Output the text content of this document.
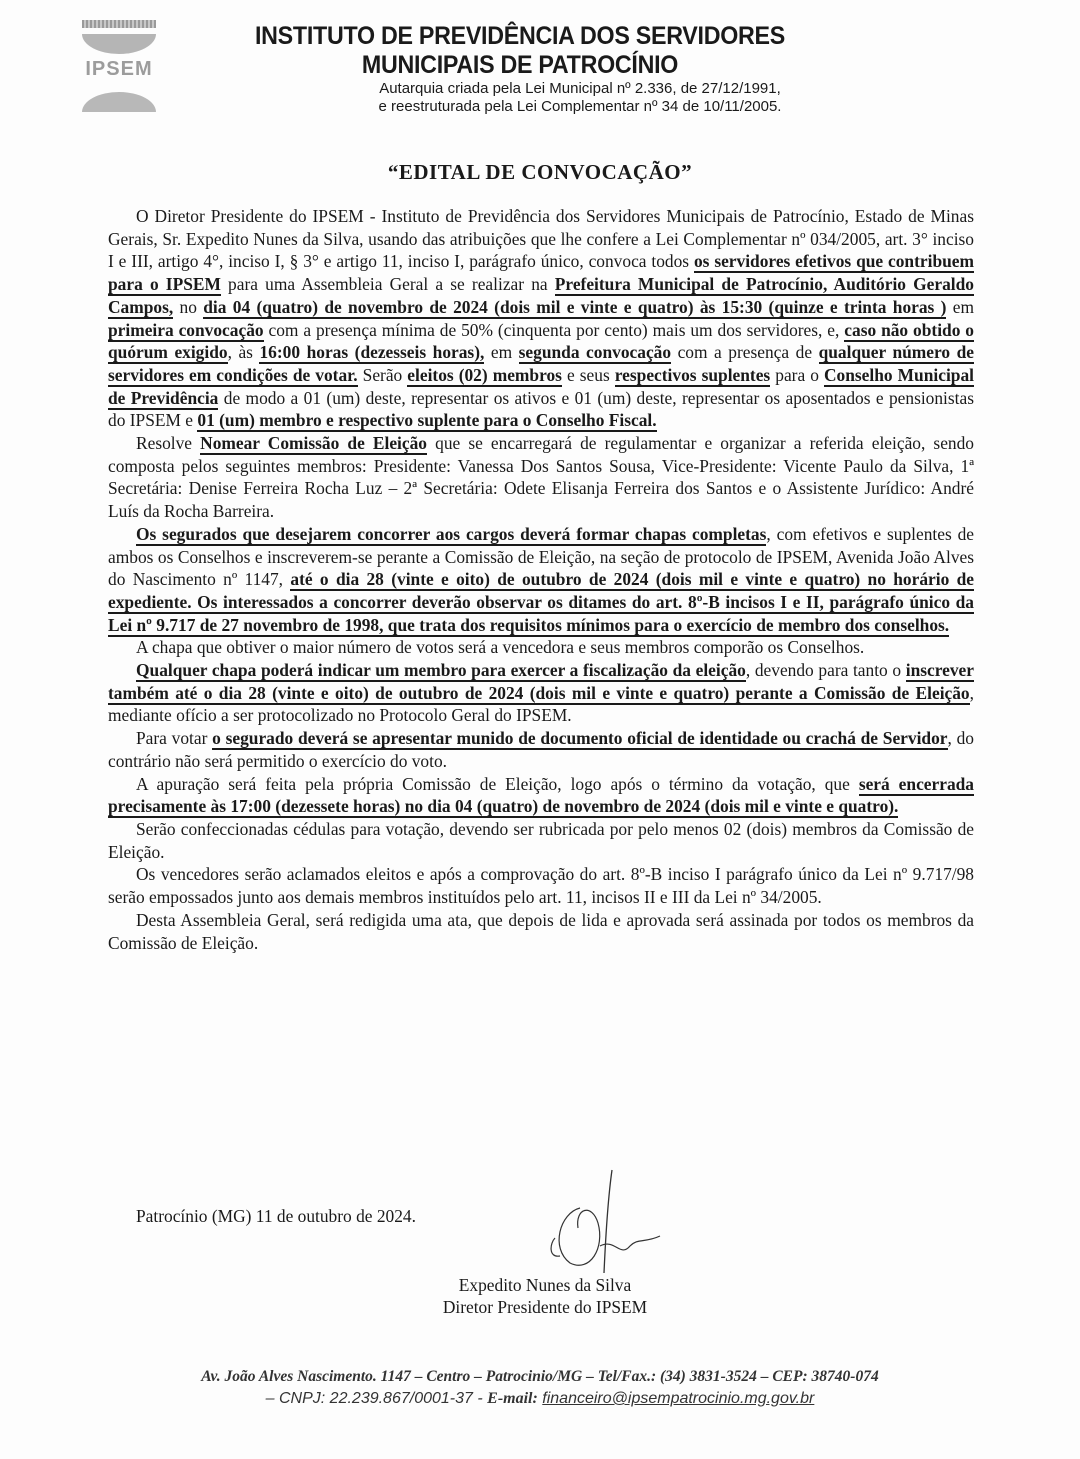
IPSEM
INSTITUTO DE PREVIDÊNCIA DOS SERVIDORES
MUNICIPAIS DE PATROCÍNIO
Autarquia criada pela Lei Municipal nº 2.336, de 27/12/1991,
e reestruturada pela Lei Complementar nº 34 de 10/11/2005.
“EDITAL DE CONVOCAÇÃO”

O Diretor Presidente do IPSEM - Instituto de Previdência dos Servidores Municipais de Patrocínio, Estado de Minas Gerais, Sr. Expedito Nunes da Silva, usando das atribuições que lhe confere a Lei Complementar nº 034/2005, art. 3° inciso I e III, artigo 4°, inciso I, § 3° e artigo 11, inciso I, parágrafo único, convoca todos os servidores efetivos que contribuem para o IPSEM para uma Assembleia Geral a se realizar na Prefeitura Municipal de Patrocínio, Auditório Geraldo Campos, no dia 04 (quatro) de novembro de 2024 (dois mil e vinte e quatro) às 15:30 (quinze e trinta horas ) em primeira convocação com a presença mínima de 50% (cinquenta por cento) mais um dos servidores, e, caso não obtido o quórum exigido, às 16:00 horas (dezesseis horas), em segunda convocação com a presença de qualquer número de servidores em condições de votar. Serão eleitos (02) membros e seus respectivos suplentes para o Conselho Municipal de Previdência de modo a 01 (um) deste, representar os ativos e 01 (um) deste, representar os aposentados e pensionistas do IPSEM e 01 (um) membro e respectivo suplente para o Conselho Fiscal.

Resolve Nomear Comissão de Eleição que se encarregará de regulamentar e organizar a referida eleição, sendo composta pelos seguintes membros: Presidente: Vanessa Dos Santos Sousa, Vice-Presidente: Vicente Paulo da Silva, 1ª Secretária: Denise Ferreira Rocha Luz – 2ª Secretária: Odete Elisanja Ferreira dos Santos e o Assistente Jurídico: André Luís da Rocha Barreira.

Os segurados que desejarem concorrer aos cargos deverá formar chapas completas, com efetivos e suplentes de ambos os Conselhos e inscreverem-se perante a Comissão de Eleição, na seção de protocolo de IPSEM, Avenida João Alves do Nascimento nº 1147, até o dia 28 (vinte e oito) de outubro de 2024 (dois mil e vinte e quatro) no horário de expediente. Os interessados a concorrer deverão observar os ditames do art. 8º-B incisos I e II, parágrafo único da Lei nº 9.717 de 27 novembro de 1998, que trata dos requisitos mínimos para o exercício de membro dos conselhos.

A chapa que obtiver o maior número de votos será a vencedora e seus membros comporão os Conselhos.

Qualquer chapa poderá indicar um membro para exercer a fiscalização da eleição, devendo para tanto o inscrever também até o dia 28 (vinte e oito) de outubro de 2024 (dois mil e vinte e quatro) perante a Comissão de Eleição, mediante ofício a ser protocolizado no Protocolo Geral do IPSEM.

Para votar o segurado deverá se apresentar munido de documento oficial de identidade ou crachá de Servidor, do contrário não será permitido o exercício do voto.

A apuração será feita pela própria Comissão de Eleição, logo após o término da votação, que será encerrada precisamente às 17:00 (dezessete horas) no dia 04 (quatro) de novembro de 2024 (dois mil e vinte e quatro).

Serão confeccionadas cédulas para votação, devendo ser rubricada por pelo menos 02 (dois) membros da Comissão de Eleição.

Os vencedores serão aclamados eleitos e após a comprovação do art. 8º-B inciso I parágrafo único da Lei nº 9.717/98 serão empossados junto aos demais membros instituídos pelo art. 11, incisos II e III da Lei nº 34/2005.

Desta Assembleia Geral, será redigida uma ata, que depois de lida e aprovada será assinada por todos os membros da Comissão de Eleição.

Patrocínio (MG) 11 de outubro de 2024.
Expedito Nunes da Silva
Diretor Presidente do IPSEM
Av. João Alves Nascimento. 1147 – Centro – Patrocinio/MG – Tel/Fax.: (34) 3831-3524 – CEP: 38740-074
– CNPJ: 22.239.867/0001-37 - E-mail: financeiro@ipsempatrocinio.mg.gov.br
